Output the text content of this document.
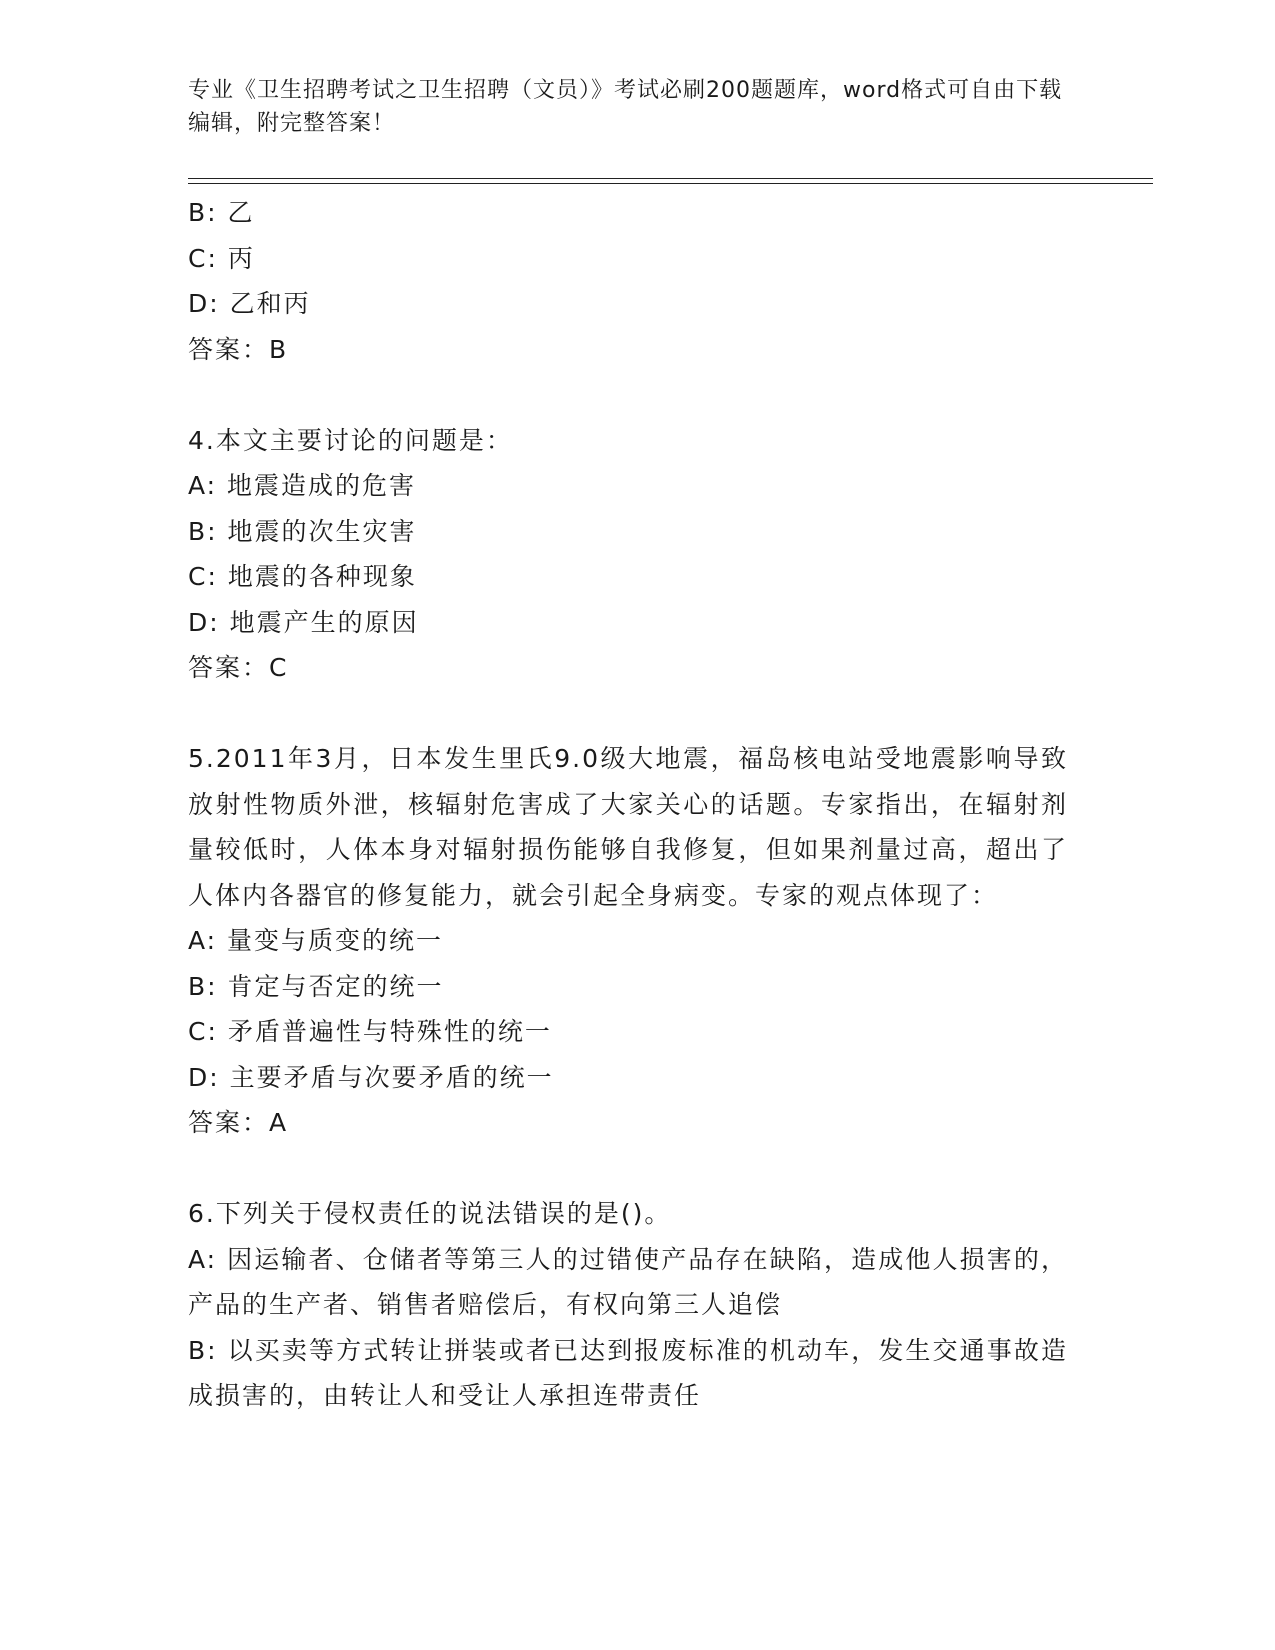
专业《卫生招聘考试之卫生招聘（文员）》考试必刷200题题库，word格式可自由下载编辑，附完整答案！
B: 乙
C: 丙
D: 乙和丙
答案：B
4.本文主要讨论的问题是：
A: 地震造成的危害
B: 地震的次生灾害
C: 地震的各种现象
D: 地震产生的原因
答案：C
5.2011年3月，日本发生里氏9.0级大地震，福岛核电站受地震影响导致放射性物质外泄，核辐射危害成了大家关心的话题。专家指出，在辐射剂量较低时，人体本身对辐射损伤能够自我修复，但如果剂量过高，超出了人体内各器官的修复能力，就会引起全身病变。专家的观点体现了：
A: 量变与质变的统一
B: 肯定与否定的统一
C: 矛盾普遍性与特殊性的统一
D: 主要矛盾与次要矛盾的统一
答案：A
6.下列关于侵权责任的说法错误的是()。
A: 因运输者、仓储者等第三人的过错使产品存在缺陷，造成他人损害的，产品的生产者、销售者赔偿后，有权向第三人追偿
B: 以买卖等方式转让拼装或者已达到报废标准的机动车，发生交通事故造成损害的，由转让人和受让人承担连带责任
